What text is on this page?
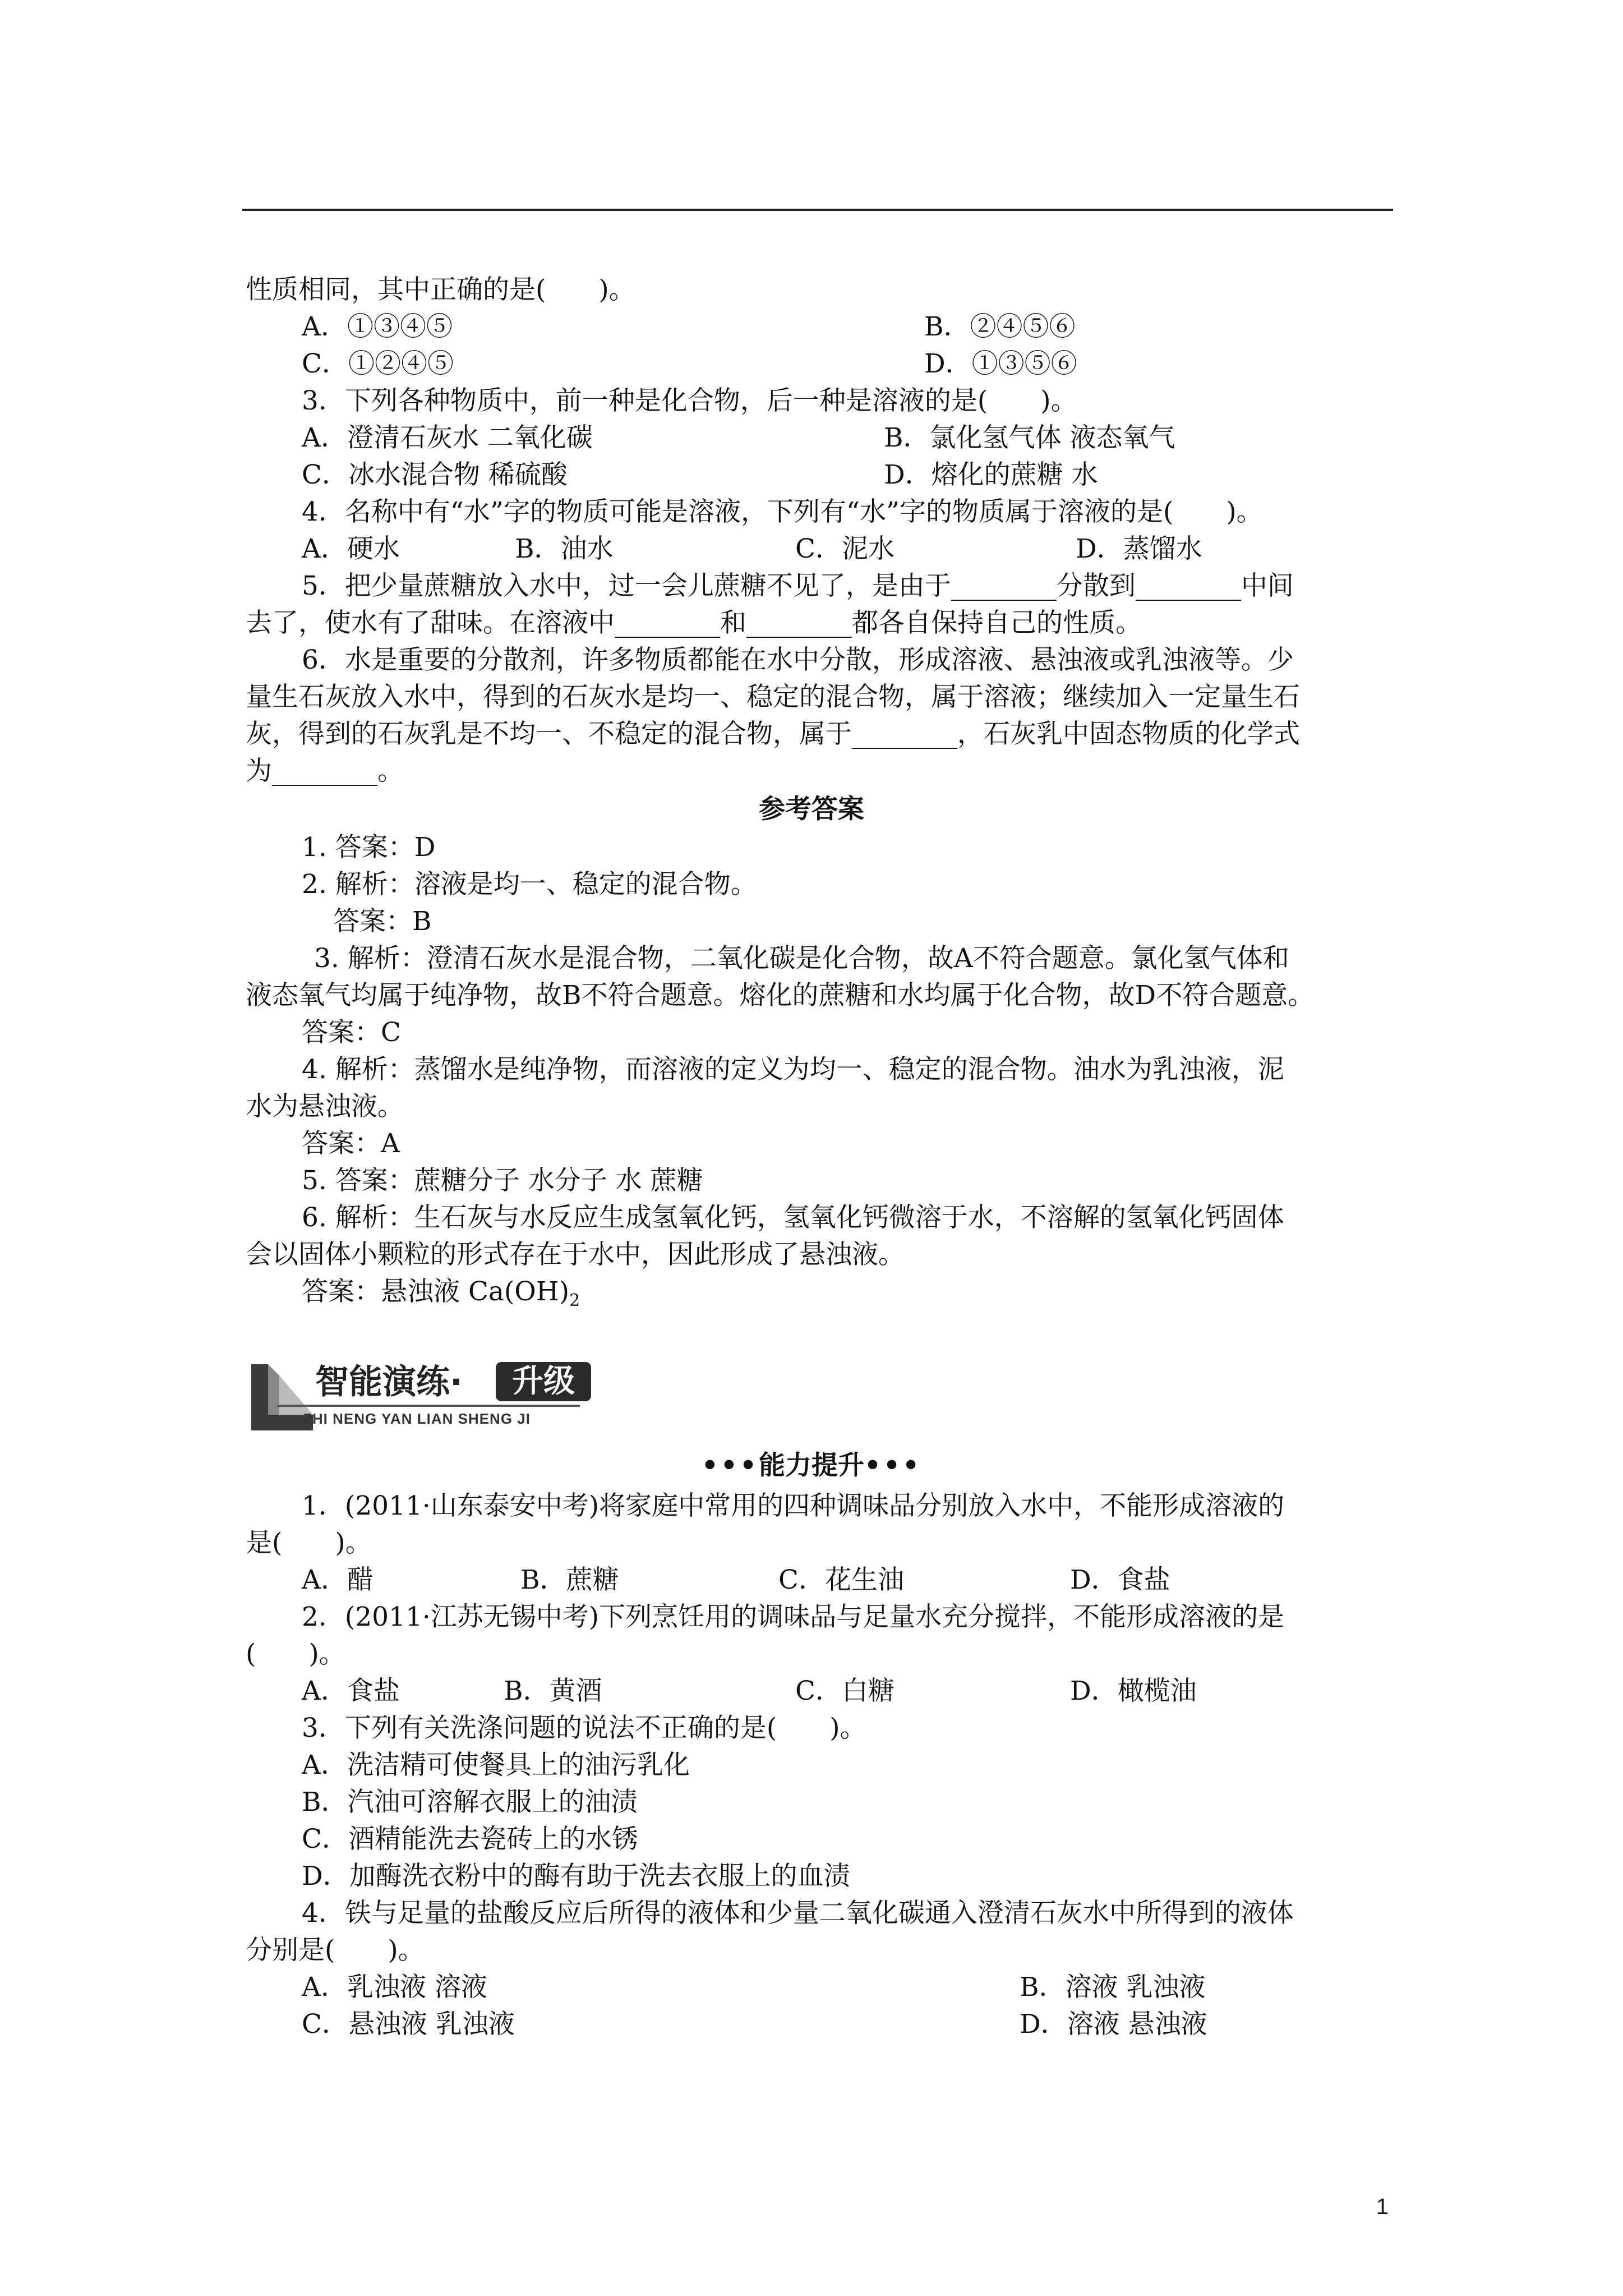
性质相同，其中正确的是(　　)。
A．①③④⑤	B．②④⑤⑥
C．①②④⑤	D．①③⑤⑥
3．下列各种物质中，前一种是化合物，后一种是溶液的是(　　)。
A．澄清石灰水 二氧化碳	B．氯化氢气体 液态氧气
C．冰水混合物 稀硫酸	D．熔化的蔗糖 水
4．名称中有“水”字的物质可能是溶液，下列有“水”字的物质属于溶液的是(　　)。
A．硬水	B．油水	C．泥水	D．蒸馏水
5．把少量蔗糖放入水中，过一会儿蔗糖不见了，是由于________分散到________中间
去了，使水有了甜味。在溶液中________和________都各自保持自己的性质。
6．水是重要的分散剂，许多物质都能在水中分散，形成溶液、悬浊液或乳浊液等。少
量生石灰放入水中，得到的石灰水是均一、稳定的混合物，属于溶液；继续加入一定量生石
灰，得到的石灰乳是不均一、不稳定的混合物，属于________，石灰乳中固态物质的化学式
为________。
参考答案
1. 答案：D
2. 解析：溶液是均一、稳定的混合物。
答案：B
3. 解析：澄清石灰水是混合物，二氧化碳是化合物，故A不符合题意。氯化氢气体和
液态氧气均属于纯净物，故B不符合题意。熔化的蔗糖和水均属于化合物，故D不符合题意。
答案：C
4. 解析：蒸馏水是纯净物，而溶液的定义为均一、稳定的混合物。油水为乳浊液，泥
水为悬浊液。
答案：A
5. 答案：蔗糖分子 水分子 水 蔗糖
6. 解析：生石灰与水反应生成氢氧化钙，氢氧化钙微溶于水，不溶解的氢氧化钙固体
会以固体小颗粒的形式存在于水中，因此形成了悬浊液。
答案：悬浊液 $Ca(OH)_2$
智能演练·	升级
ZHI NENG YAN LIAN SHENG JI
•••能力提升•••
1．(2011·山东泰安中考)将家庭中常用的四种调味品分别放入水中，不能形成溶液的
是(　　)。
A．醋	B．蔗糖	C．花生油	D．食盐
2．(2011·江苏无锡中考)下列烹饪用的调味品与足量水充分搅拌，不能形成溶液的是
(　　)。
A．食盐	B．黄酒	C．白糖	D．橄榄油
3．下列有关洗涤问题的说法不正确的是(　　)。
A．洗洁精可使餐具上的油污乳化
B．汽油可溶解衣服上的油渍
C．酒精能洗去瓷砖上的水锈
D．加酶洗衣粉中的酶有助于洗去衣服上的血渍
4．铁与足量的盐酸反应后所得的液体和少量二氧化碳通入澄清石灰水中所得到的液体
分别是(　　)。
A．乳浊液 溶液	B．溶液 乳浊液
C．悬浊液 乳浊液	D．溶液 悬浊液
1
